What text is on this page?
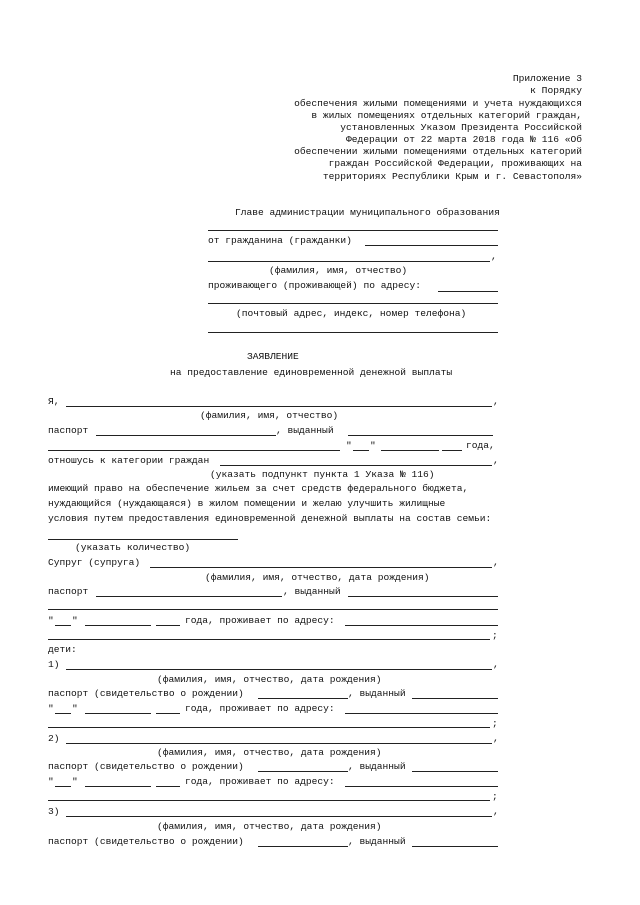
Приложение 3
к Порядку
обеспечения жилыми помещениями и учета нуждающихся
в жилых помещениях отдельных категорий граждан,
установленных Указом Президента Российской
Федерации от 22 марта 2018 года № 116 «Об
обеспечении жилыми помещениями отдельных категорий
граждан Российской Федерации, проживающих на
территориях Республики Крым и г. Севастополя»
Главе администрации муниципального образования
от гражданина (гражданки)
,
(фамилия, имя, отчество)
проживающего (проживающей) по адресу:
(почтовый адрес, индекс, номер телефона)
ЗАЯВЛЕНИЕ
на предоставление единовременной денежной выплаты
Я,	,
(фамилия, имя, отчество)
паспорт	, выданный
" "	года,
отношусь к категории граждан	,
(указать подпункт пункта 1 Указа № 116)
имеющий право на обеспечение жильем за счет средств федерального бюджета,
нуждающийся (нуждающаяся) в жилом помещении и желаю улучшить жилищные
условия путем предоставления единовременной денежной выплаты на состав семьи:
(указать количество)
Супруг (супруга)	,
(фамилия, имя, отчество, дата рождения)
паспорт	, выданный
" "	года, проживает по адресу:
;
дети:
1)	,
(фамилия, имя, отчество, дата рождения)
паспорт (свидетельство о рождении)	, выданный
" "	года, проживает по адресу:
;
2)	,
(фамилия, имя, отчество, дата рождения)
паспорт (свидетельство о рождении)	, выданный
" "	года, проживает по адресу:
;
3)	,
(фамилия, имя, отчество, дата рождения)
паспорт (свидетельство о рождении)	, выданный
